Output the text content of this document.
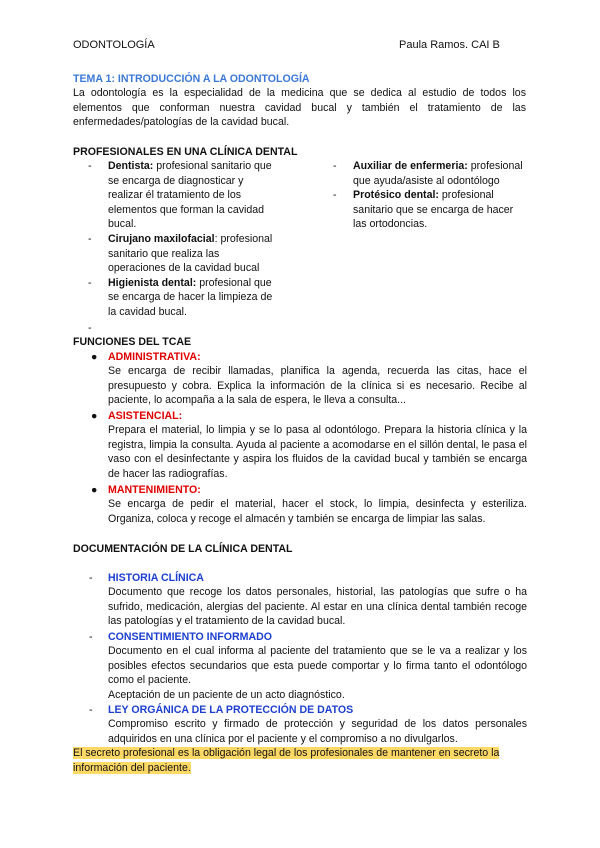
ODONTOLOGÍA	Paula Ramos. CAI B
TEMA 1: INTRODUCCIÓN A LA ODONTOLOGÍA
La odontología es la especialidad de la medicina que se dedica al estudio de todos los elementos que conforman nuestra cavidad bucal y también el tratamiento de las enfermedades/patologías de la cavidad bucal.
PROFESIONALES EN UNA CLÍNICA DENTAL
- Dentista: profesional sanitario que se encarga de diagnosticar y realizar él tratamiento de los elementos que forman la cavidad bucal.
- Cirujano maxilofacial: profesional sanitario que realiza las operaciones de la cavidad bucal
- Higienista dental: profesional que se encarga de hacer la limpieza de la cavidad bucal.
- Auxiliar de enfermeria: profesional que ayuda/asiste al odontólogo
- Protésico dental: profesional sanitario que se encarga de hacer las ortodoncias.
-
FUNCIONES DEL TCAE
● ADMINISTRATIVA:
Se encarga de recibir llamadas, planifica la agenda, recuerda las citas, hace el presupuesto y cobra. Explica la información de la clínica si es necesario. Recibe al paciente, lo acompaña a la sala de espera, le lleva a consulta...
● ASISTENCIAL:
Prepara el material, lo limpia y se lo pasa al odontólogo. Prepara la historia clínica y la registra, limpia la consulta. Ayuda al paciente a acomodarse en el sillón dental, le pasa el vaso con el desinfectante y aspira los fluidos de la cavidad bucal y también se encarga de hacer las radiografías.
● MANTENIMIENTO:
Se encarga de pedir el material, hacer el stock, lo limpia, desinfecta y esteriliza. Organiza, coloca y recoge el almacén y también se encarga de limpiar las salas.
DOCUMENTACIÓN DE LA CLÍNICA DENTAL
- HISTORIA CLÍNICA
Documento que recoge los datos personales, historial, las patologías que sufre o ha sufrido, medicación, alergias del paciente. Al estar en una clínica dental también recoge las patologías y el tratamiento de la cavidad bucal.
- CONSENTIMIENTO INFORMADO
Documento en el cual informa al paciente del tratamiento que se le va a realizar y los posibles efectos secundarios que esta puede comportar y lo firma tanto el odontólogo como el paciente.
Aceptación de un paciente de un acto diagnóstico.
- LEY ORGÁNICA DE LA PROTECCIÓN DE DATOS
Compromiso escrito y firmado de protección y seguridad de los datos personales adquiridos en una clínica por el paciente y el compromiso a no divulgarlos.
El secreto profesional es la obligación legal de los profesionales de mantener en secreto la información del paciente.
